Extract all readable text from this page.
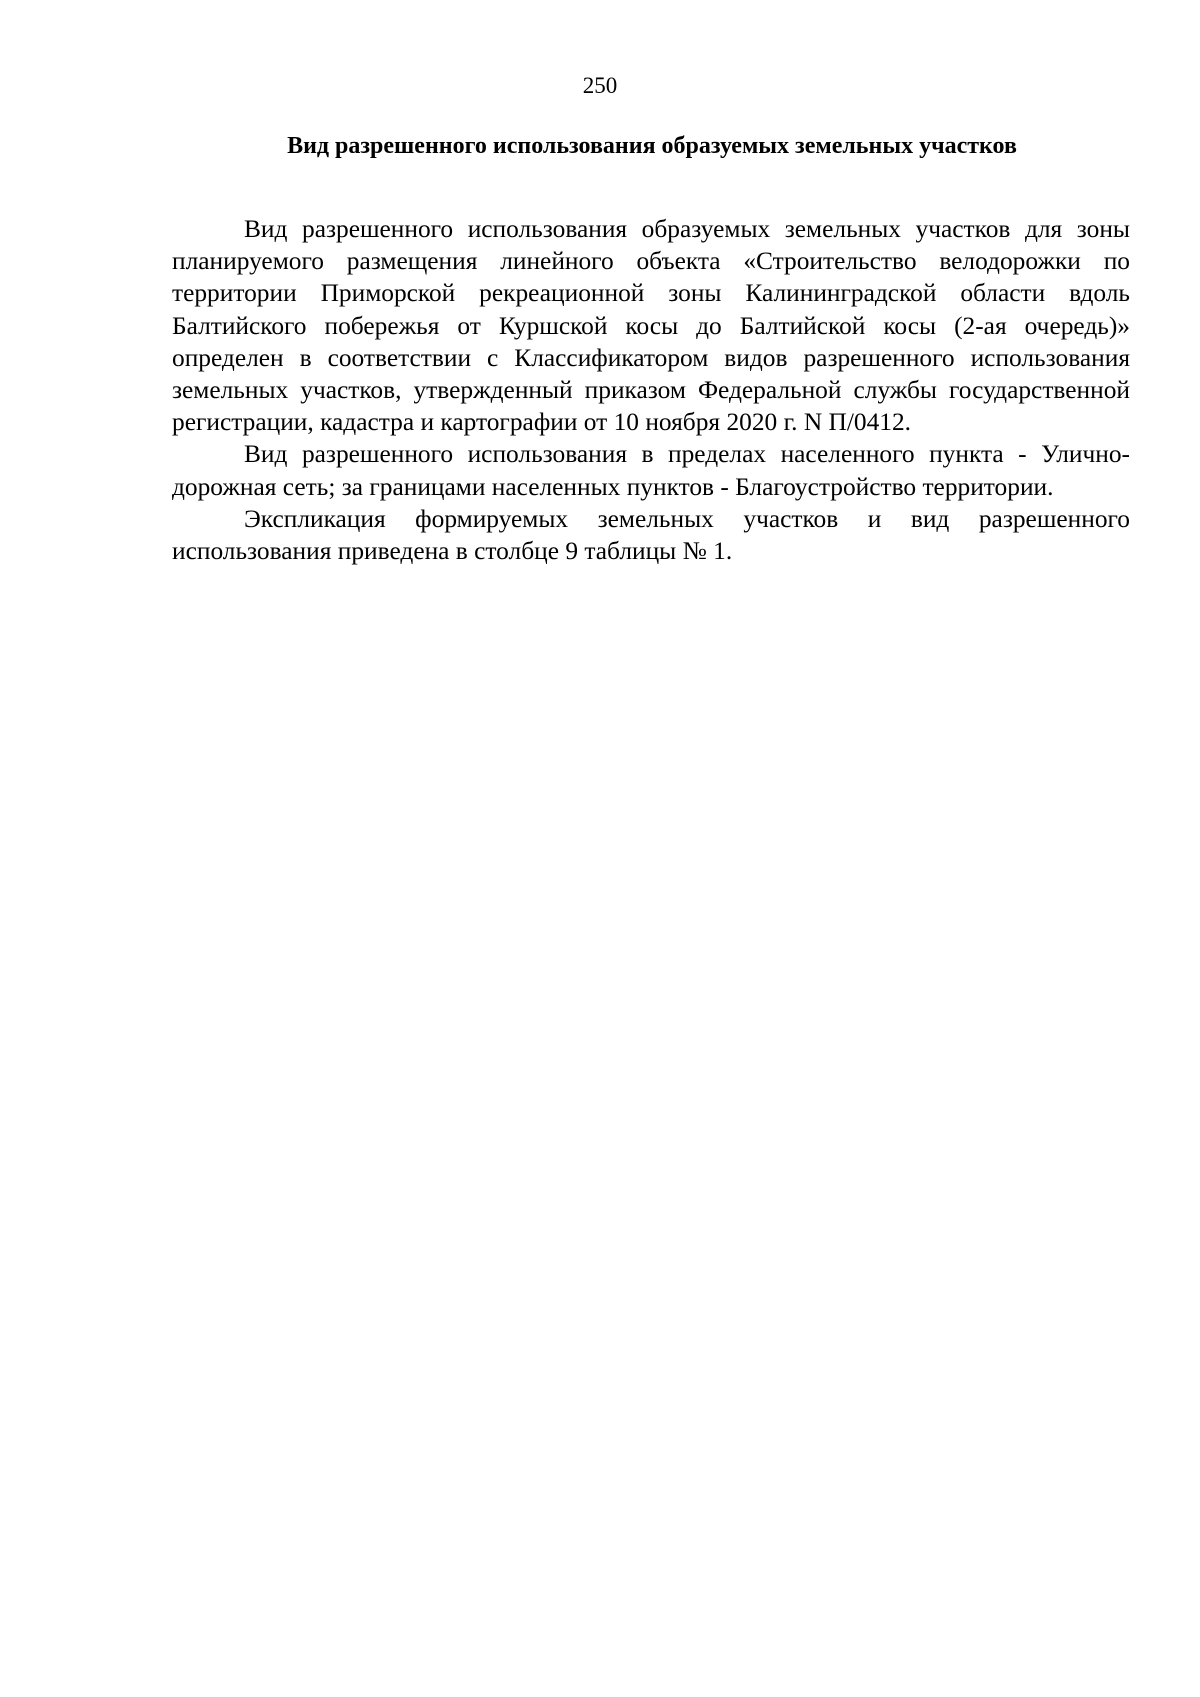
250
Вид разрешенного использования образуемых земельных участков

Вид разрешенного использования образуемых земельных участков для зоны планируемого размещения линейного объекта «Строительство велодорожки по территории Приморской рекреационной зоны Калининградской области вдоль Балтийского побережья от Куршской косы до Балтийской косы (2-ая очередь)» определен в соответствии с Классификатором видов разрешенного использования земельных участков, утвержденный приказом Федеральной службы государственной регистрации, кадастра и картографии от 10 ноября 2020 г. N П/0412.

Вид разрешенного использования в пределах населенного пункта - Улично-дорожная сеть; за границами населенных пунктов - Благоустройство территории.

Экспликация формируемых земельных участков и вид разрешенного использования приведена в столбце 9 таблицы № 1.
